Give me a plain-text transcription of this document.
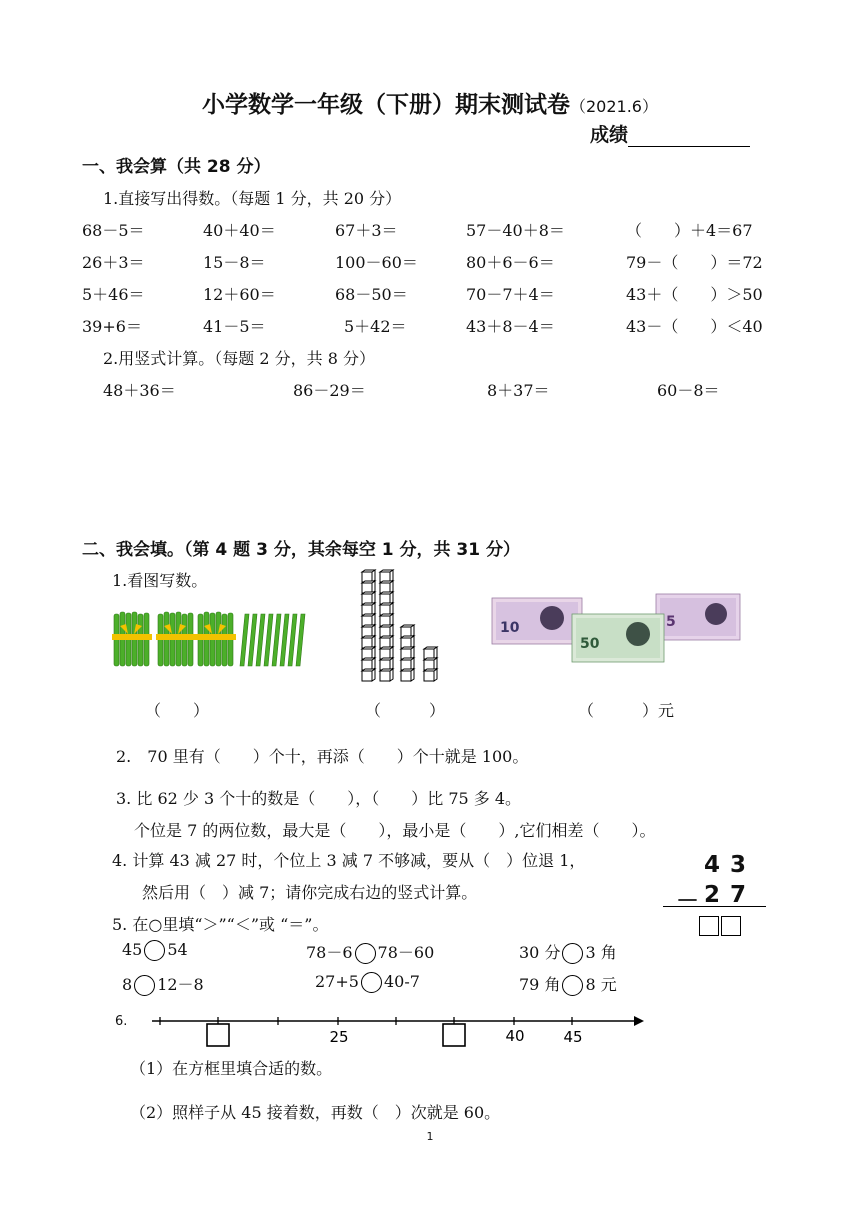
小学数学一年级（下册）期末测试卷（2021.6）
成绩
一、我会算（共 28 分）
1.直接写出得数。（每题 1 分，共 20 分）
68－5＝	40＋40＝	67＋3＝	57－40＋8＝	（　　）＋4＝67
26＋3＝	15－8＝	100－60＝	80＋6－6＝	79－（　　）＝72
5＋46＝	12＋60＝	68－50＝	70－7＋4＝	43＋（　　）＞50
39+6＝	41－5＝	5＋42＝	43＋8－4＝	43－（　　）＜40
2.用竖式计算。（每题 2 分，共 8 分）
48＋36＝	86－29＝	8＋37＝	60－8＝
二、我会填。（第 4 题 3 分，其余每空 1 分，共 31 分）
1.看图写数。
10	5
50
（　　）	（　　　）	（　　　）元
2.　70 里有（　　）个十，再添（　　）个十就是 100。
3. 比 62 少 3 个十的数是（　　），（　　）比 75 多 4。
个位是 7 的两位数，最大是（　　），最小是（　　）,它们相差（　　）。
4. 计算 43 减 27 时，个位上 3 减 7 不够减，要从（　）位退 1，
然后用（　）减 7；请你完成右边的竖式计算。
43
－ 27
5. 在○里填“＞”“＜”或 “＝”。
45 54	78－6 78－60	30 分 3 角
8 12－8	27+5 40-7	79 角 8 元
6.
25	40	45
（1）在方框里填合适的数。
（2）照样子从 45 接着数，再数（　）次就是 60。
1
